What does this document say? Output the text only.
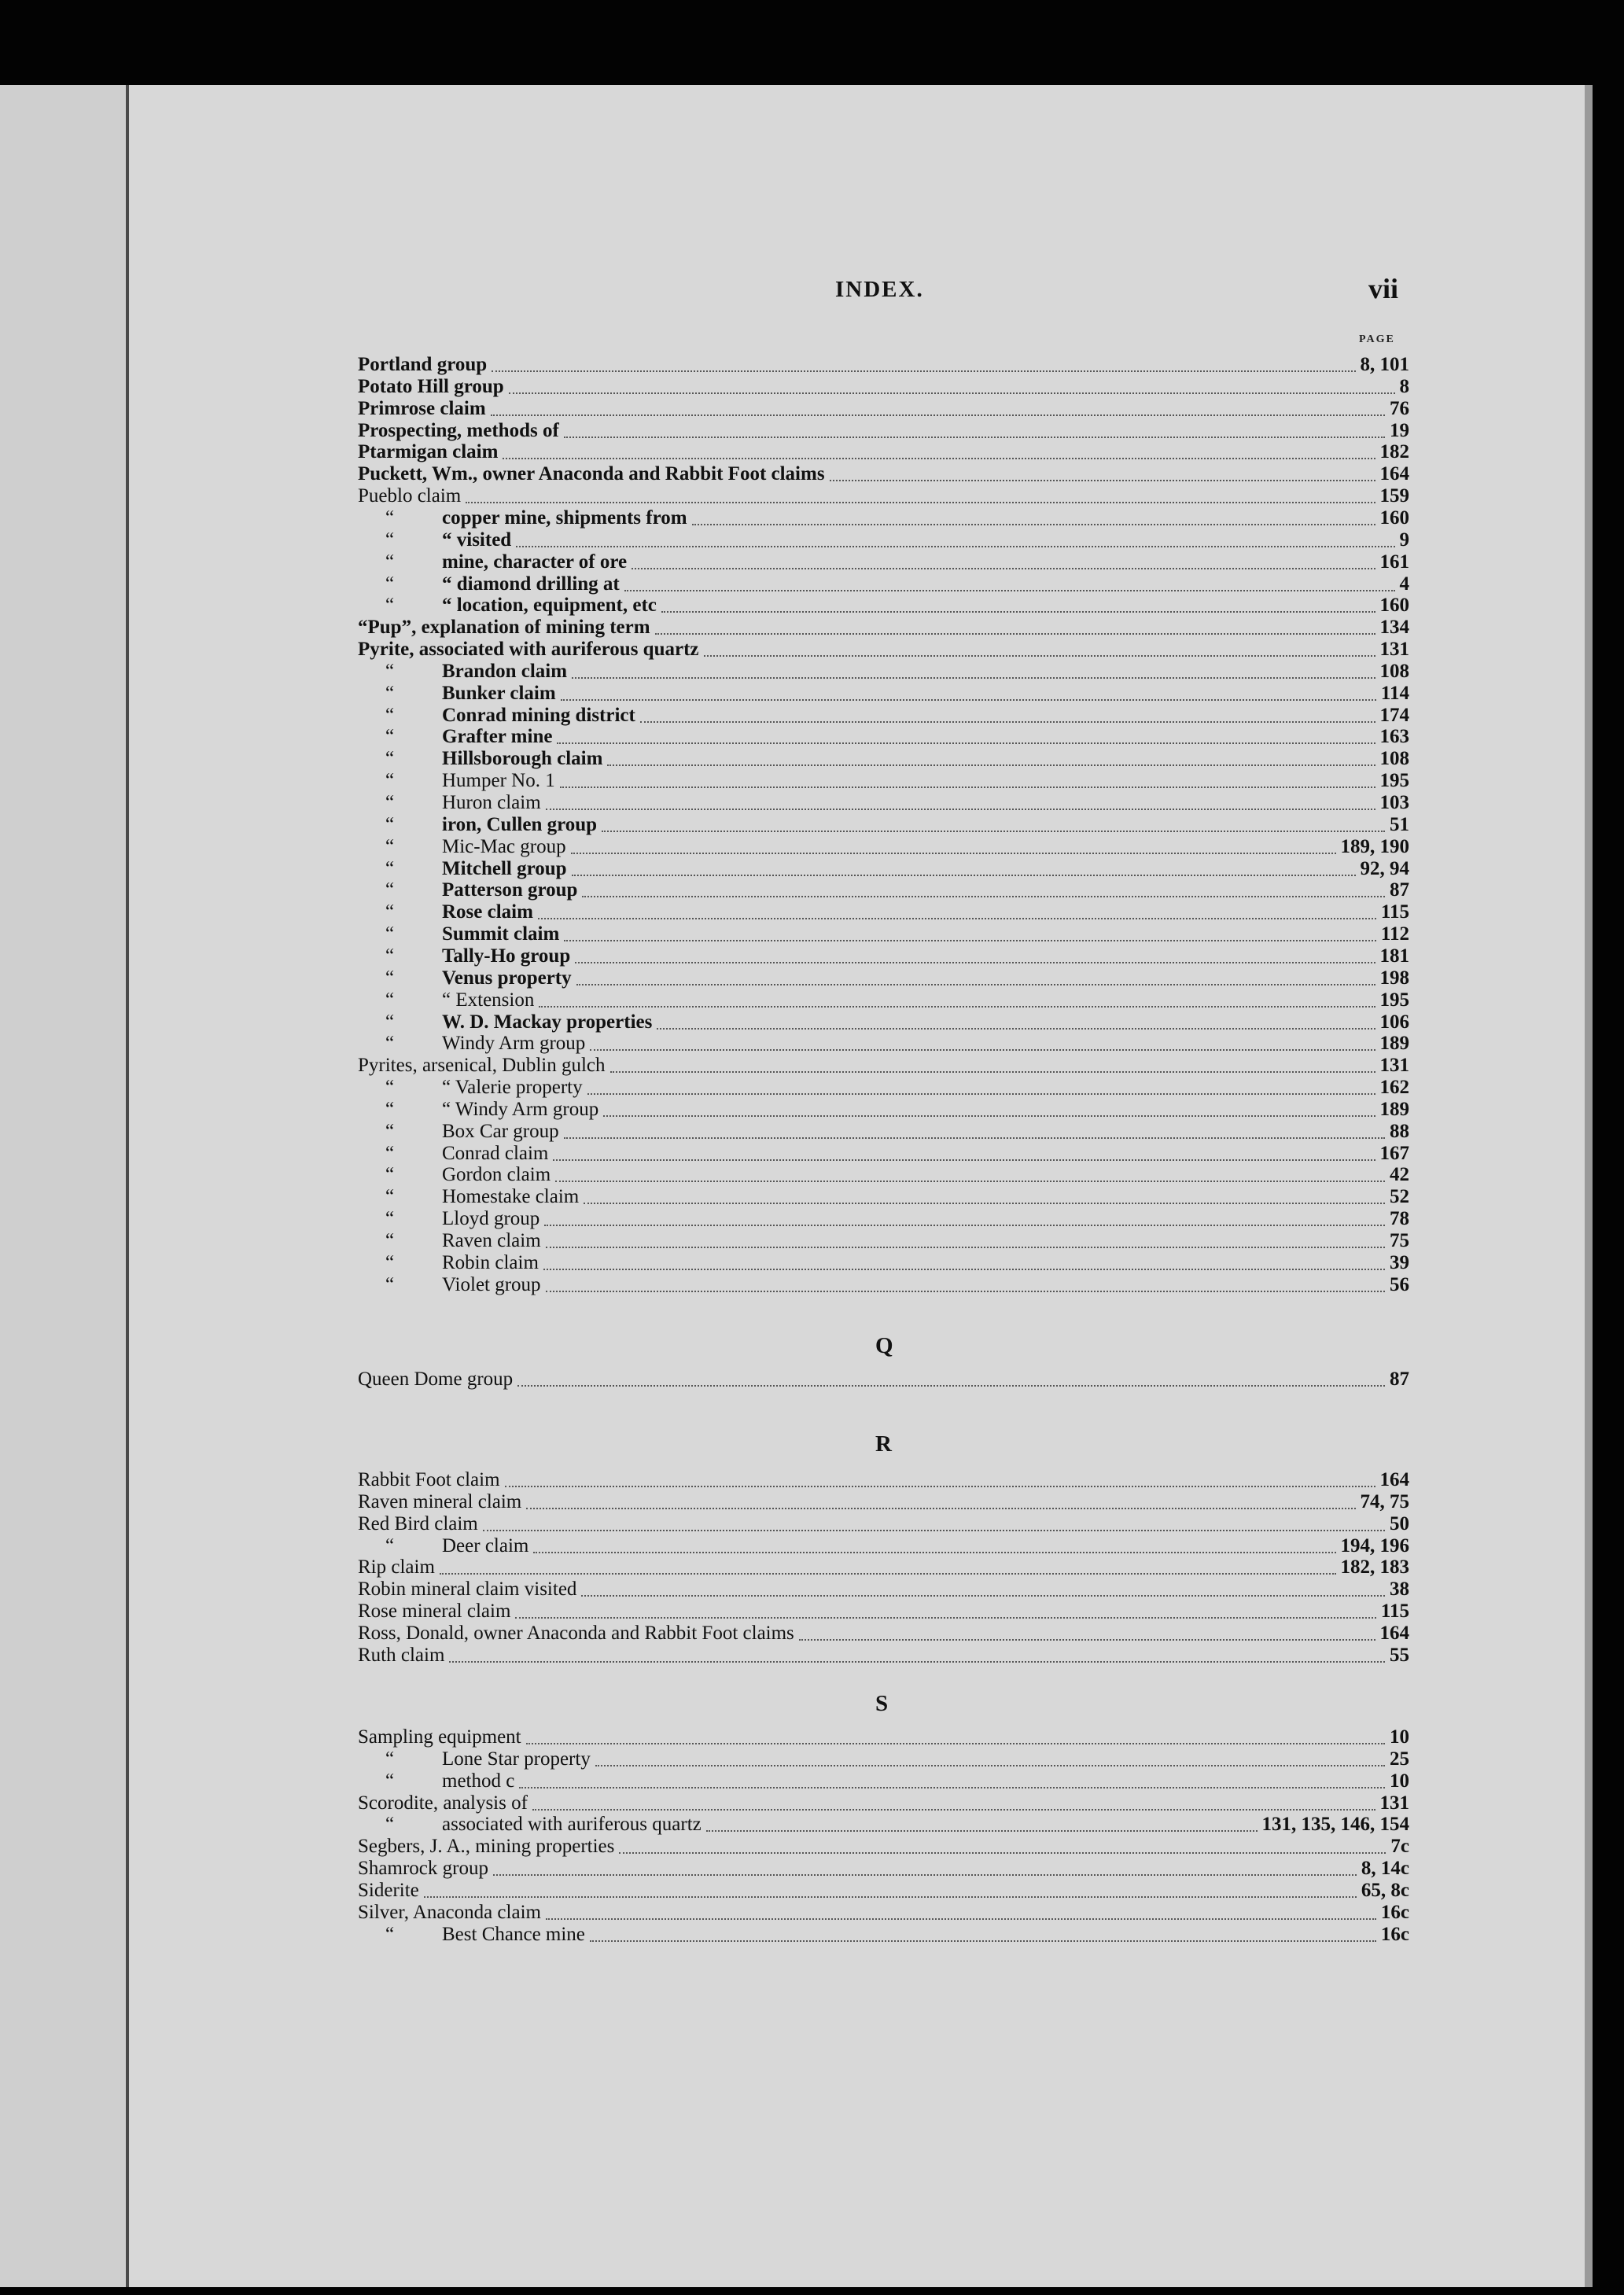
INDEX.	vii
PAGE
Portland group	8, 101
Potato Hill group	8
Primrose claim	76
Prospecting, methods of	19
Ptarmigan claim	182
Puckett, Wm., owner Anaconda and Rabbit Foot claims	164
Pueblo claim	159
“	copper mine, shipments from	160
“	“ visited	9
“	mine, character of ore	161
“	“ diamond drilling at	4
“	“ location, equipment, etc	160
“Pup”, explanation of mining term	134
Pyrite, associated with auriferous quartz	131
“	Brandon claim	108
“	Bunker claim	114
“	Conrad mining district	174
“	Grafter mine	163
“	Hillsborough claim	108
“	Humper No. 1	195
“	Huron claim	103
“	iron, Cullen group	51
“	Mic-Mac group	189, 190
“	Mitchell group	92, 94
“	Patterson group	87
“	Rose claim	115
“	Summit claim	112
“	Tally-Ho group	181
“	Venus property	198
“	“ Extension	195
“	W. D. Mackay properties	106
“	Windy Arm group	189
Pyrites, arsenical, Dublin gulch	131
“	“ Valerie property	162
“	“ Windy Arm group	189
“	Box Car group	88
“	Conrad claim	167
“	Gordon claim	42
“	Homestake claim	52
“	Lloyd group	78
“	Raven claim	75
“	Robin claim	39
“	Violet group	56
Q
Queen Dome group	87
R
Rabbit Foot claim	164
Raven mineral claim	74, 75
Red Bird claim	50
“	Deer claim	194, 196
Rip claim	182, 183
Robin mineral claim visited	38
Rose mineral claim	115
Ross, Donald, owner Anaconda and Rabbit Foot claims	164
Ruth claim	55
S
Sampling equipment	10
“	Lone Star property	25
“	method c	10
Scorodite, analysis of	131
“	associated with auriferous quartz	131, 135, 146, 154
Segbers, J. A., mining properties	7c
Shamrock group	8, 14c
Siderite	65, 8c
Silver, Anaconda claim	16c
“	Best Chance mine	16c
